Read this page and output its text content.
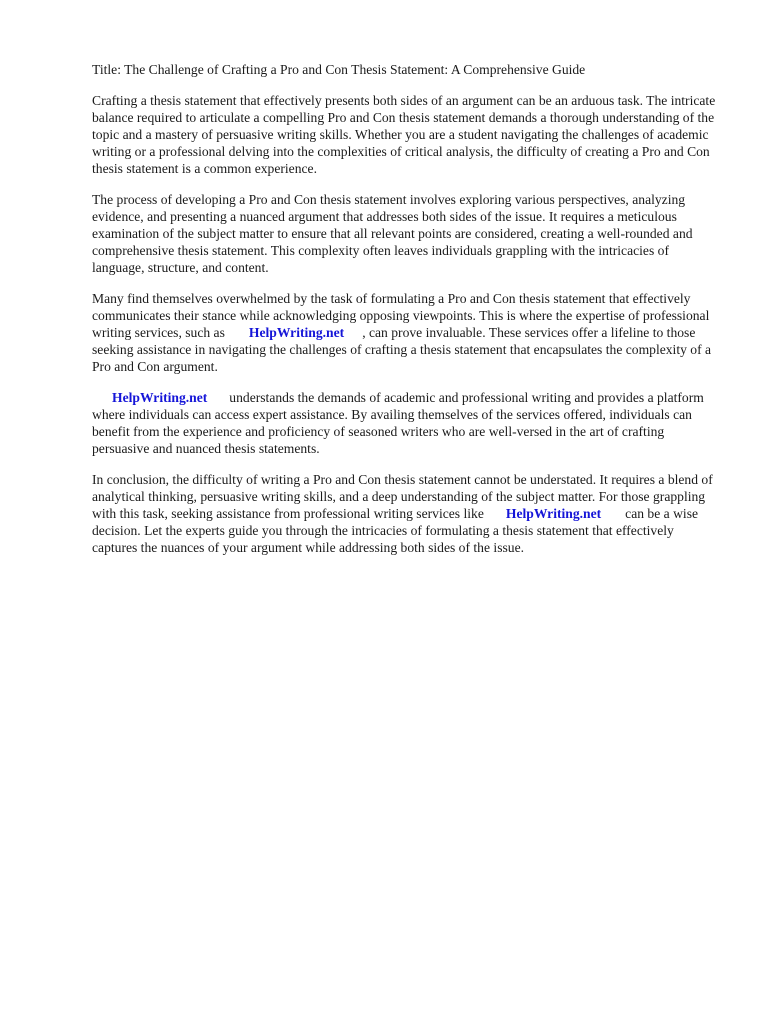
Title: The Challenge of Crafting a Pro and Con Thesis Statement: A Comprehensive Guide

Crafting a thesis statement that effectively presents both sides of an argument can be an arduous task. The intricate balance required to articulate a compelling Pro and Con thesis statement demands a thorough understanding of the topic and a mastery of persuasive writing skills. Whether you are a student navigating the challenges of academic writing or a professional delving into the complexities of critical analysis, the difficulty of creating a Pro and Con thesis statement is a common experience.

The process of developing a Pro and Con thesis statement involves exploring various perspectives, analyzing evidence, and presenting a nuanced argument that addresses both sides of the issue. It requires a meticulous examination of the subject matter to ensure that all relevant points are considered, creating a well-rounded and comprehensive thesis statement. This complexity often leaves individuals grappling with the intricacies of language, structure, and content.

Many find themselves overwhelmed by the task of formulating a Pro and Con thesis statement that effectively communicates their stance while acknowledging opposing viewpoints. This is where the expertise of professional writing services, such as HelpWriting.net , can prove invaluable. These services offer a lifeline to those seeking assistance in navigating the challenges of crafting a thesis statement that encapsulates the complexity of a Pro and Con argument.

HelpWriting.net understands the demands of academic and professional writing and provides a platform where individuals can access expert assistance. By availing themselves of the services offered, individuals can benefit from the experience and proficiency of seasoned writers who are well-versed in the art of crafting persuasive and nuanced thesis statements.

In conclusion, the difficulty of writing a Pro and Con thesis statement cannot be understated. It requires a blend of analytical thinking, persuasive writing skills, and a deep understanding of the subject matter. For those grappling with this task, seeking assistance from professional writing services like HelpWriting.net can be a wise decision. Let the experts guide you through the intricacies of formulating a thesis statement that effectively captures the nuances of your argument while addressing both sides of the issue.
